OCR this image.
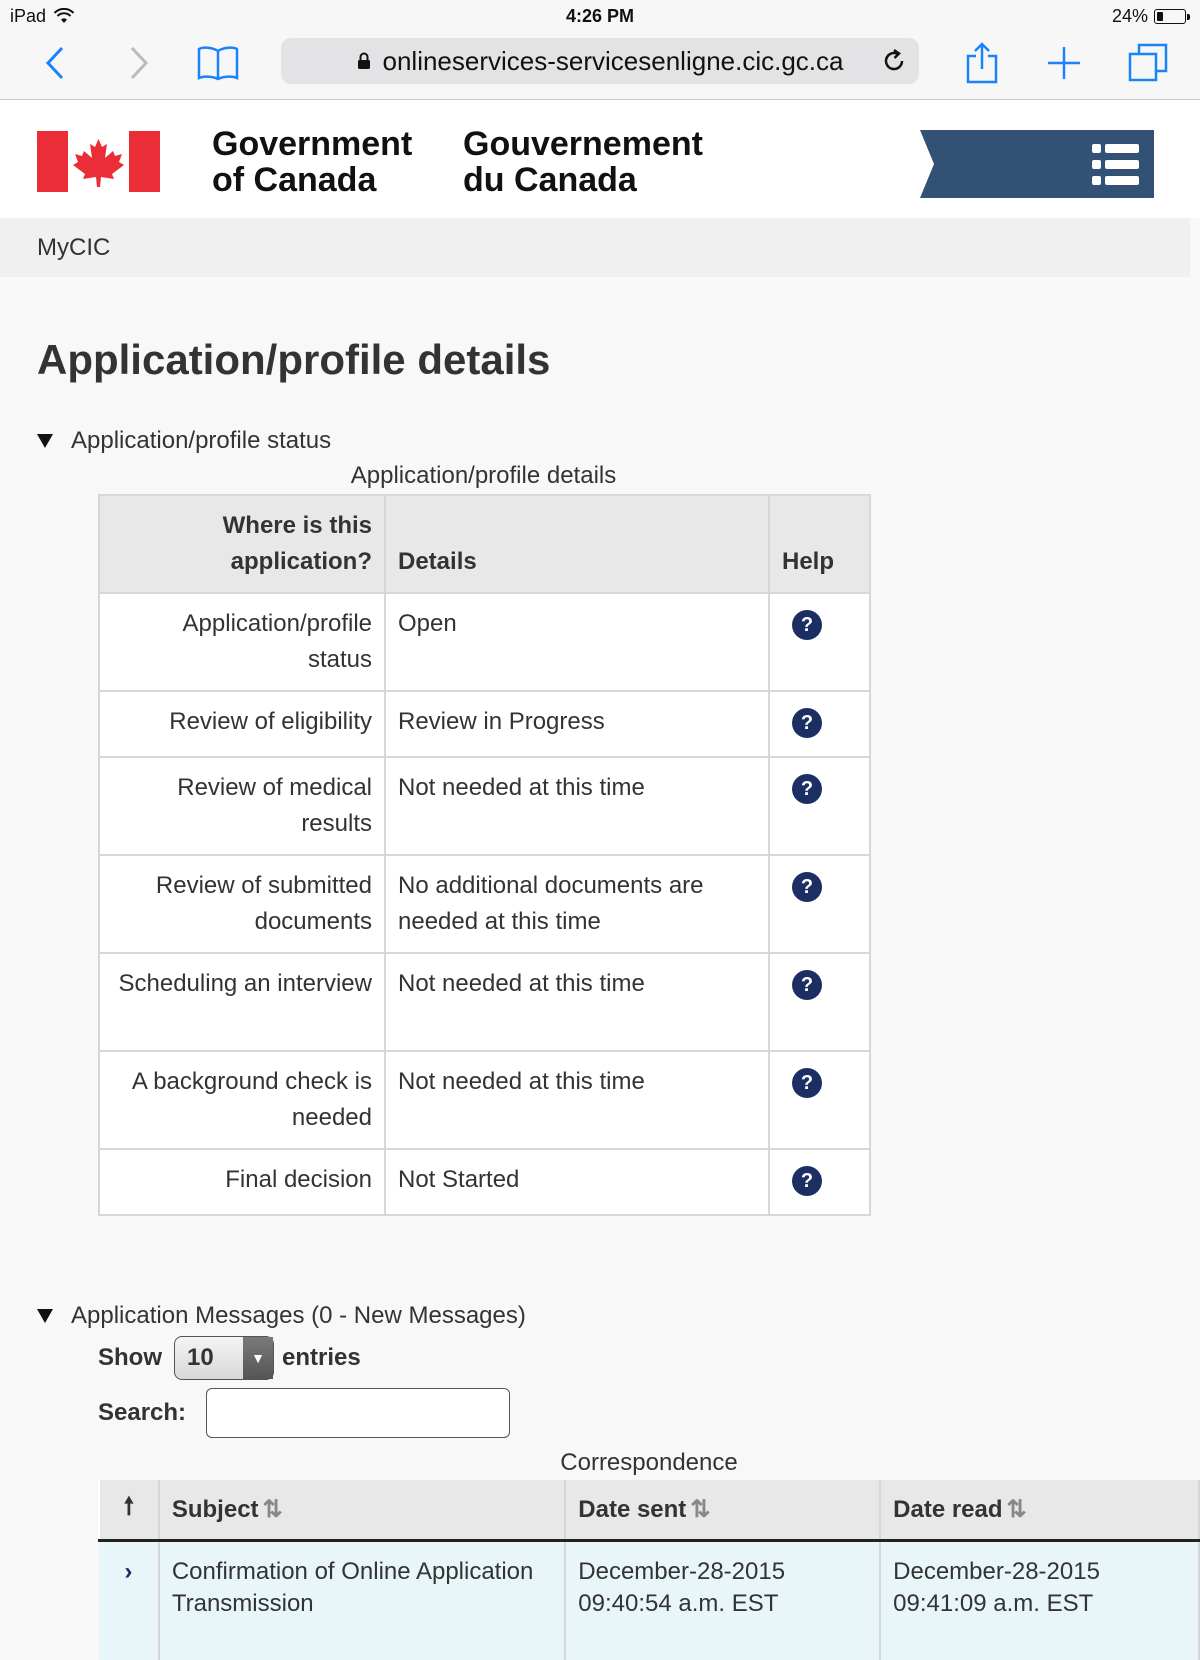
iPad	4:26 PM	24%
onlineservices-servicesenligne.cic.gc.ca
Government
of Canada
Gouvernement
du Canada
MyCIC
Application/profile details
Application/profile status
Application/profile details
Where is this application?	Details	Help
Application/profile status	Open	?
Review of eligibility	Review in Progress	?
Review of medical results	Not needed at this time	?
Review of submitted documents	No additional documents are needed at this time	?
Scheduling an interview	Not needed at this time	?
A background check is needed	Not needed at this time	?
Final decision	Not Started	?
Application Messages (0 - New Messages)
Show	10	▼ entries
Search:
Correspondence
🠕	Subject ⇅	Date sent ⇅	Date read ⇅
›	Confirmation of Online Application Transmission	December-28-2015 09:40:54 a.m. EST	December-28-2015 09:41:09 a.m. EST
